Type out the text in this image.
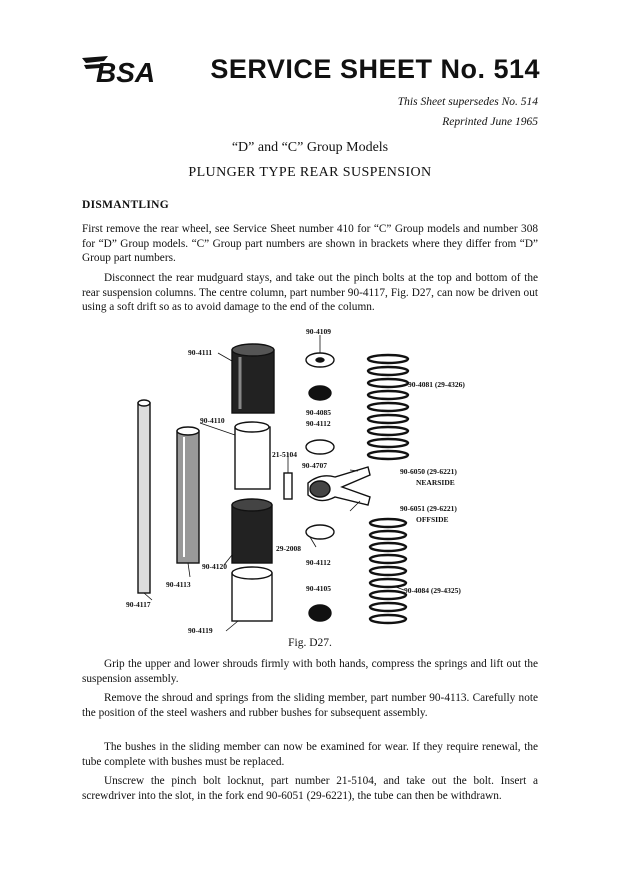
BSA	SERVICE SHEET No. 514
This Sheet supersedes No. 514
Reprinted June 1965
“D” and “C” Group Models
PLUNGER TYPE REAR SUSPENSION
DISMANTLING

First remove the rear wheel, see Service Sheet number 410 for “C” Group models and number 308 for “D” Group models. “C” Group part numbers are shown in brackets where they differ from “D” Group part numbers.

Disconnect the rear mudguard stays, and take out the pinch bolts at the top and bottom of the rear suspension columns. The centre column, part number 90-4117, Fig. D27, can now be driven out using a soft drift so as to avoid damage to the end of the column.

90-4109
90-4111
90-4081 (29-4326)
90-4085
90-4112
90-4110
21-5104
90-4707
90-6050 (29-6221)
NEARSIDE
90-6051 (29-6221)
OFFSIDE
29-2008
90-4120	90-4112
90-4113	90-4105	90-4084 (29-4325)
90-4117
90-4119
Fig. D27.

Grip the upper and lower shrouds firmly with both hands, compress the springs and lift out the suspension assembly.

Remove the shroud and springs from the sliding member, part number 90-4113. Carefully note the position of the steel washers and rubber bushes for subsequent assembly.

The bushes in the sliding member can now be examined for wear. If they require renewal, the tube complete with bushes must be replaced.

Unscrew the pinch bolt locknut, part number 21-5104, and take out the bolt. Insert a screwdriver into the slot, in the fork end 90-6051 (29-6221), the tube can then be withdrawn.
